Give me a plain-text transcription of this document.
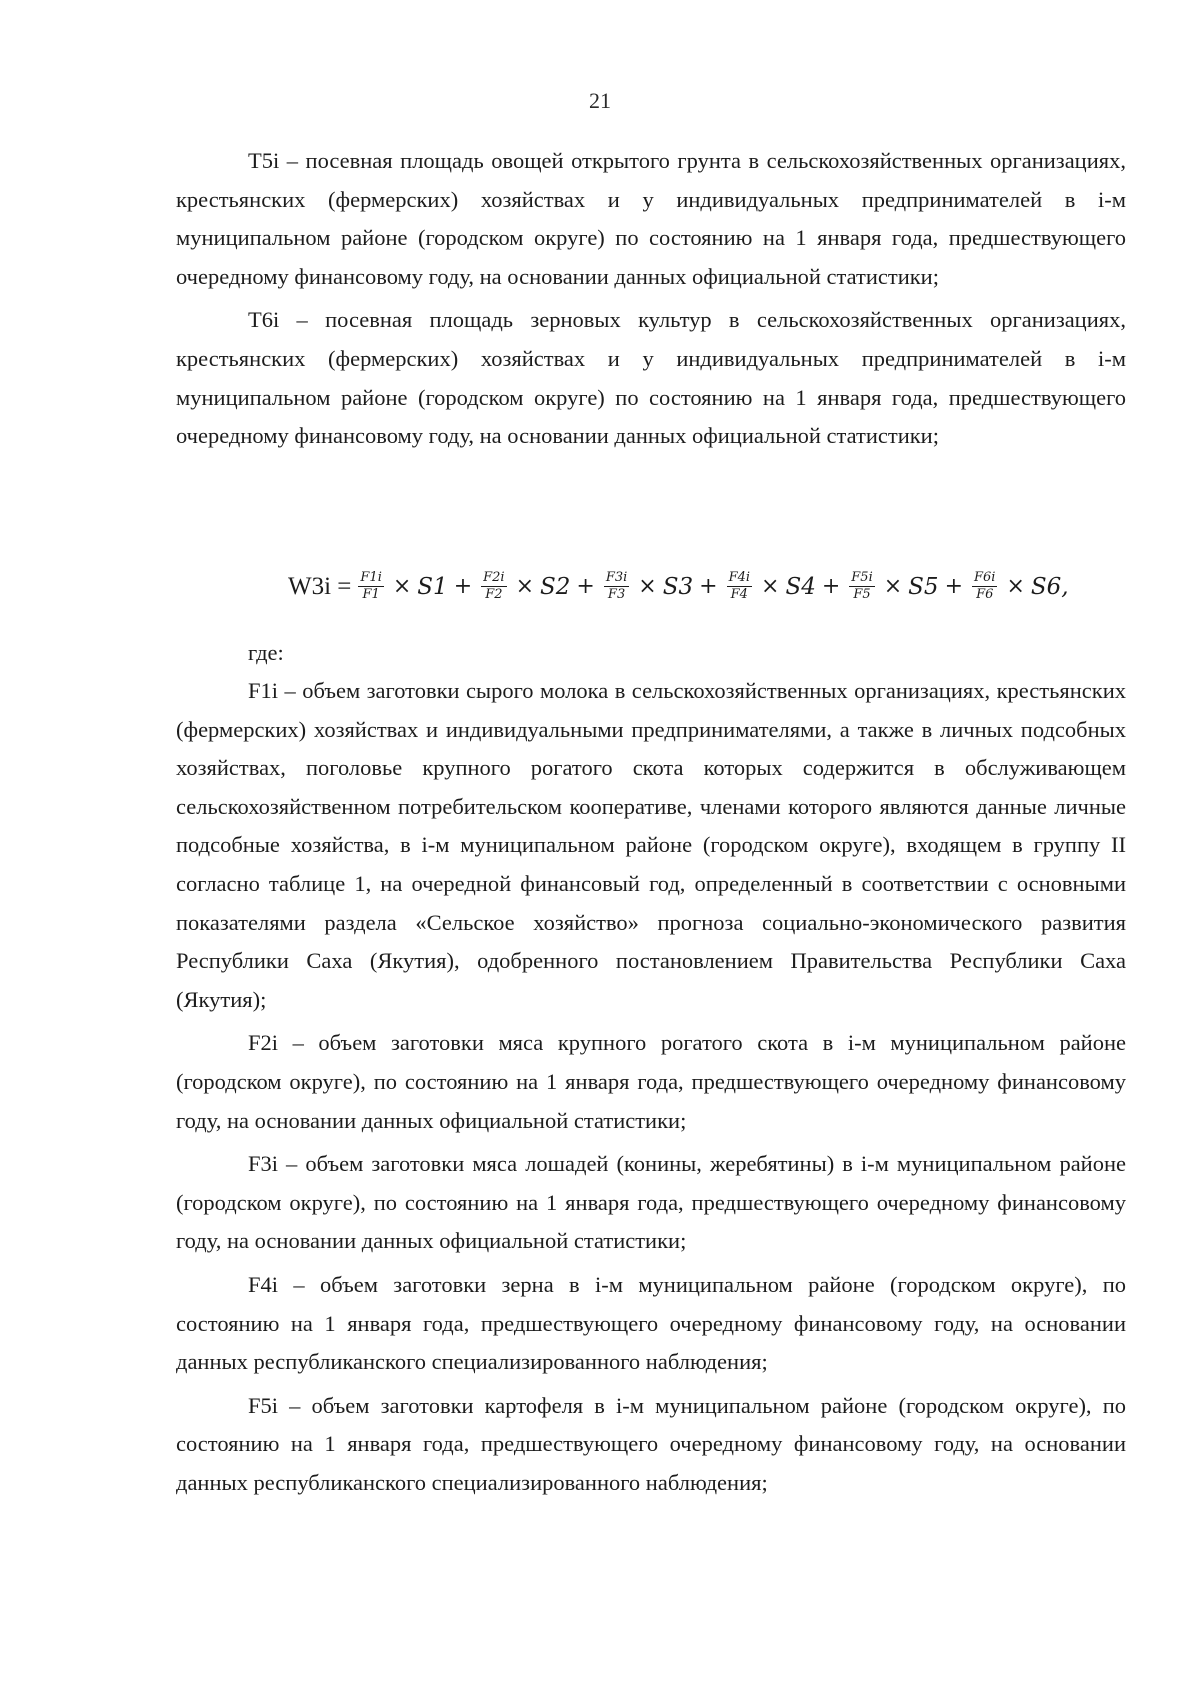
21

T5i – посевная площадь овощей открытого грунта в сельскохозяйственных организациях, крестьянских (фермерских) хозяйствах и у индивидуальных предпринимателей в i-м муниципальном районе (городском округе) по состоянию на 1 января года, предшествующего очередному финансовому году, на основании данных официальной статистики;

T6i – посевная площадь зерновых культур в сельскохозяйственных организациях, крестьянских (фермерских) хозяйствах и у индивидуальных предпринимателей в i-м муниципальном районе (городском округе) по состоянию на 1 января года, предшествующего очередному финансовому году, на основании данных официальной статистики;

$W3i = \frac{F1i}{F1} \times S1 + \frac{F2i}{F2} \times S2 + \frac{F3i}{F3} \times S3 + \frac{F4i}{F4} \times S4 + \frac{F5i}{F5} \times S5 + \frac{F6i}{F6} \times S6$ ,
где:

F1i – объем заготовки сырого молока в сельскохозяйственных организациях, крестьянских (фермерских) хозяйствах и индивидуальными предпринимателями, а также в личных подсобных хозяйствах, поголовье крупного рогатого скота которых содержится в обслуживающем сельскохозяйственном потребительском кооперативе, членами которого являются данные личные подсобные хозяйства, в i-м муниципальном районе (городском округе), входящем в группу II согласно таблице 1, на очередной финансовый год, определенный в соответствии с основными показателями раздела «Сельское хозяйство» прогноза социально-экономического развития Республики Саха (Якутия), одобренного постановлением Правительства Республики Саха (Якутия);

F2i – объем заготовки мяса крупного рогатого скота в i-м муниципальном районе (городском округе), по состоянию на 1 января года, предшествующего очередному финансовому году, на основании данных официальной статистики;

F3i – объем заготовки мяса лошадей (конины, жеребятины) в i-м муниципальном районе (городском округе), по состоянию на 1 января года, предшествующего очередному финансовому году, на основании данных официальной статистики;

F4i – объем заготовки зерна в i-м муниципальном районе (городском округе), по состоянию на 1 января года, предшествующего очередному финансовому году, на основании данных республиканского специализированного наблюдения;

F5i – объем заготовки картофеля в i-м муниципальном районе (городском округе), по состоянию на 1 января года, предшествующего очередному финансовому году, на основании данных республиканского специализированного наблюдения;
